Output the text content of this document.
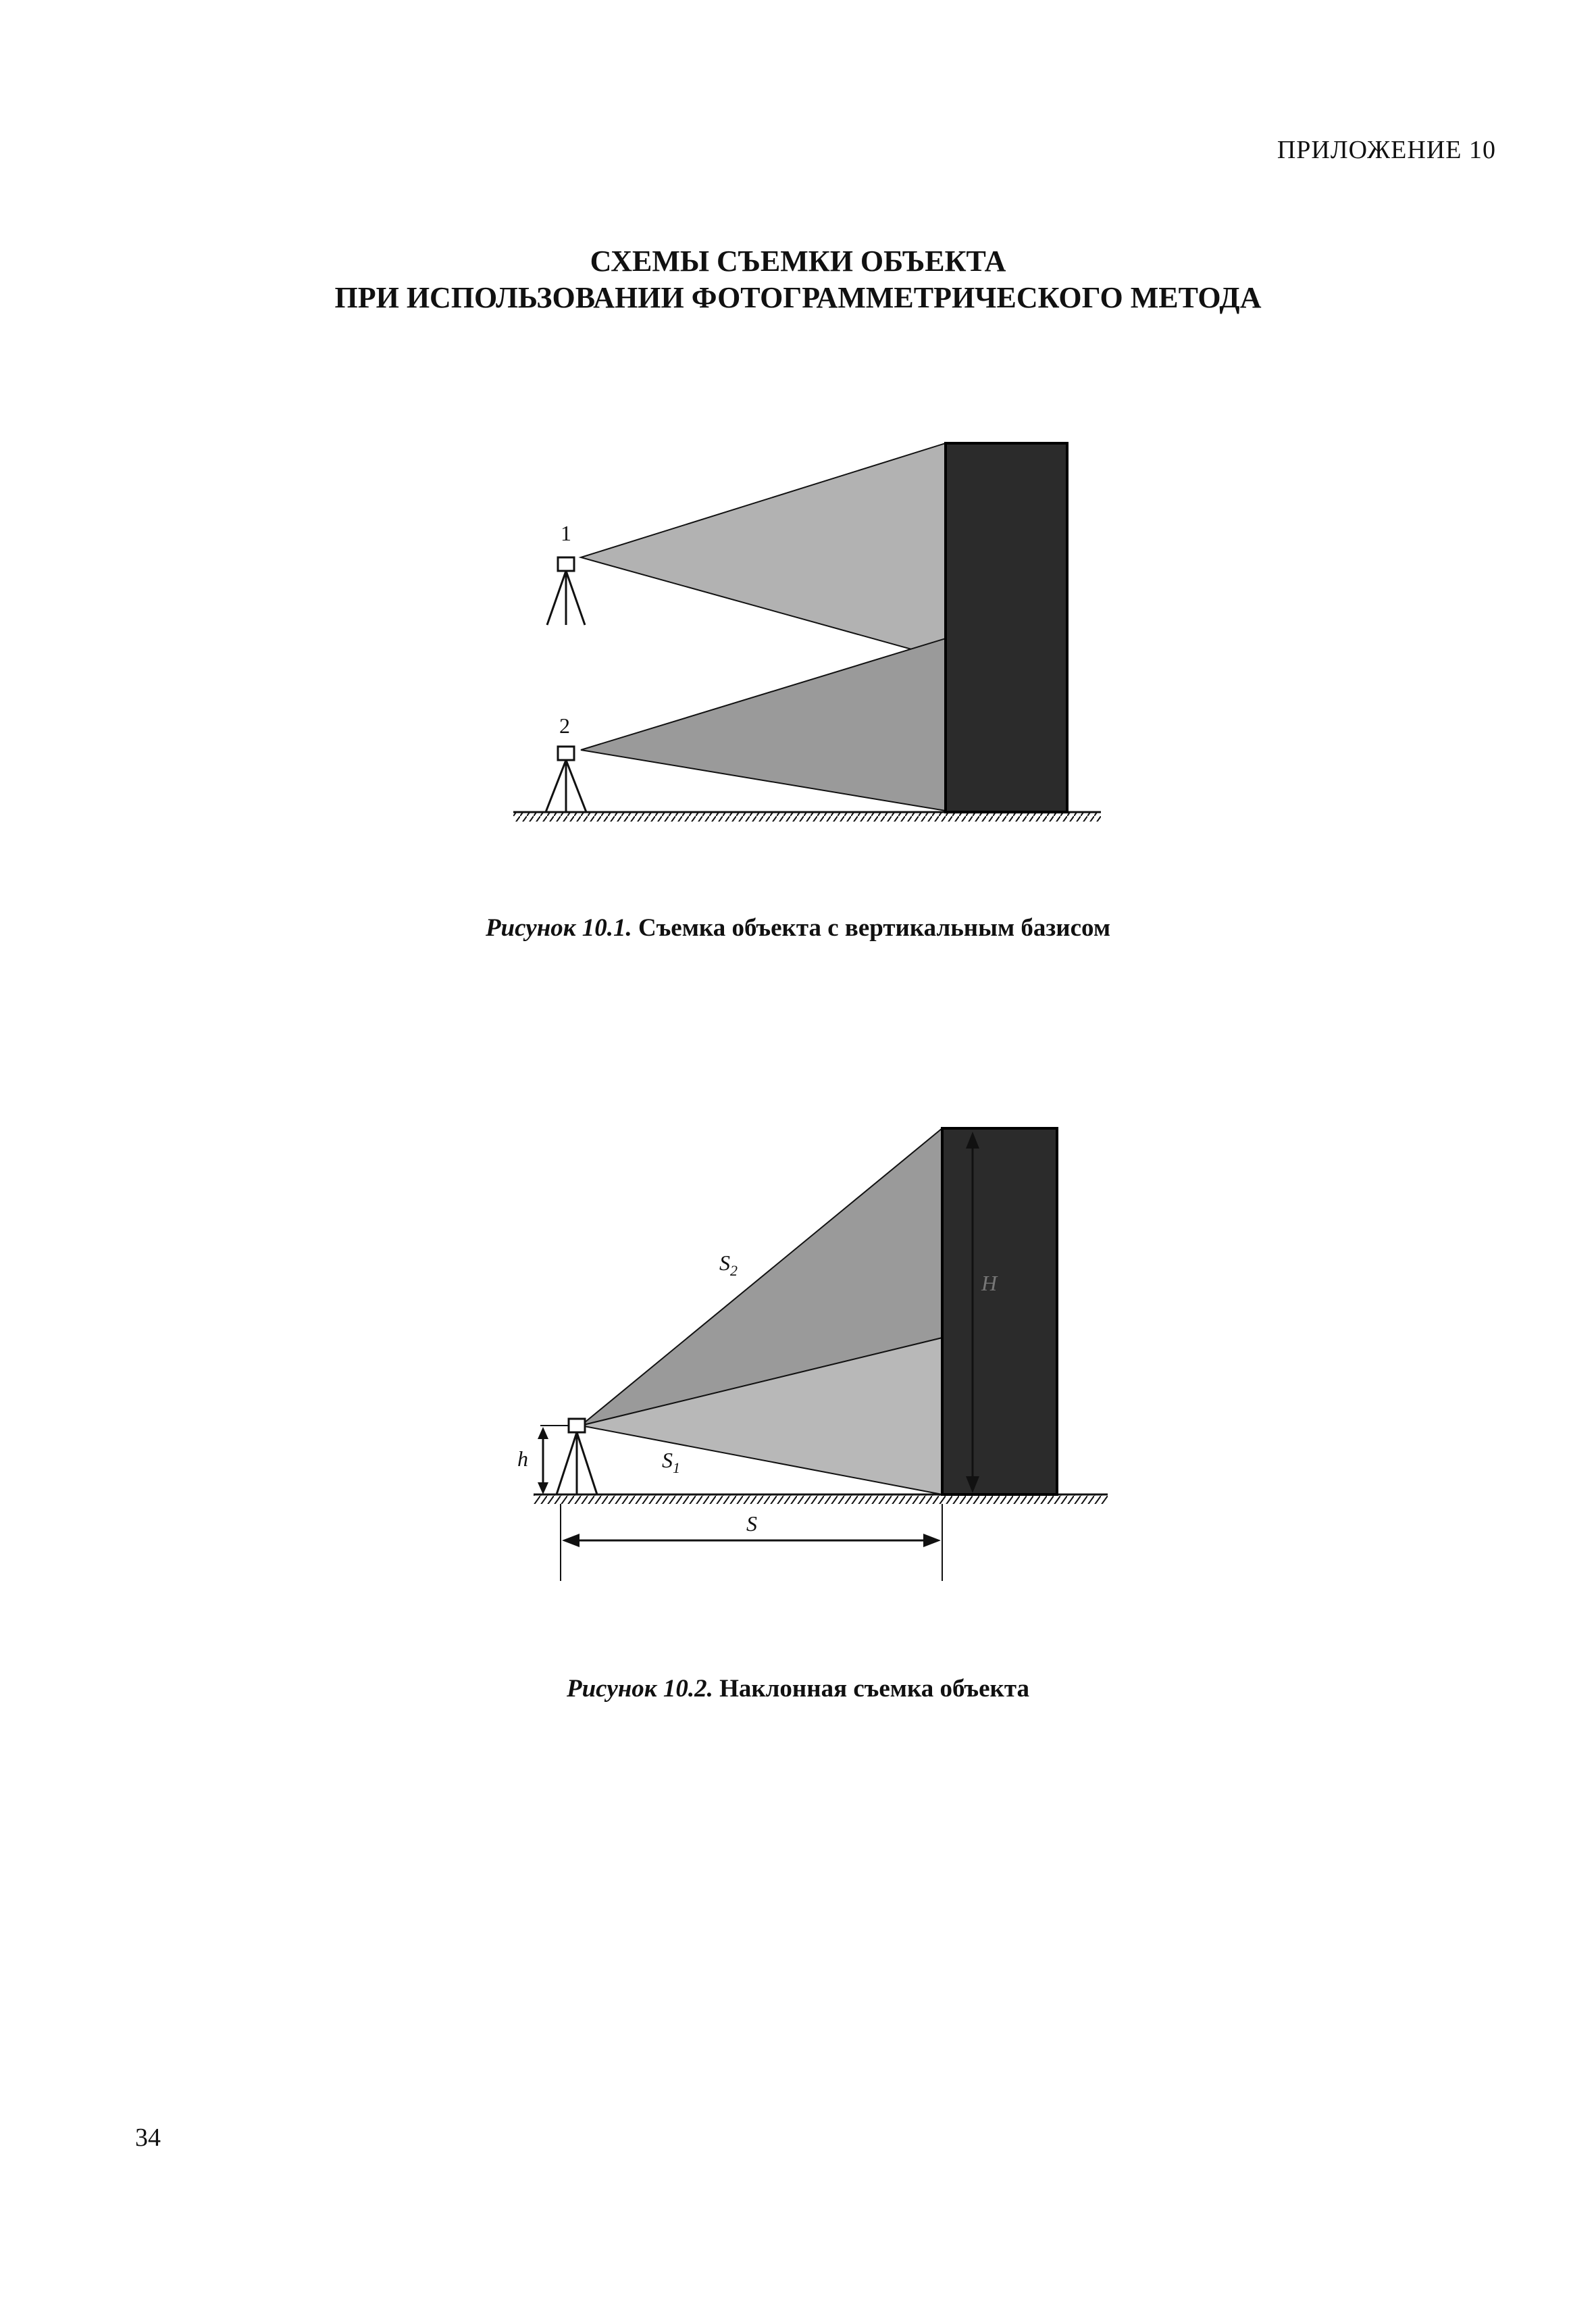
ПРИЛОЖЕНИЕ 10
СХЕМЫ СЪЕМКИ ОБЪЕКТА
ПРИ ИСПОЛЬЗОВАНИИ ФОТОГРАММЕТРИЧЕСКОГО МЕТОДА
1
2
Рисунок 10.1. Съемка объекта с вертикальным базисом
$S_2$
$S_1$
h
S
H
Рисунок 10.2. Наклонная съемка объекта
34
